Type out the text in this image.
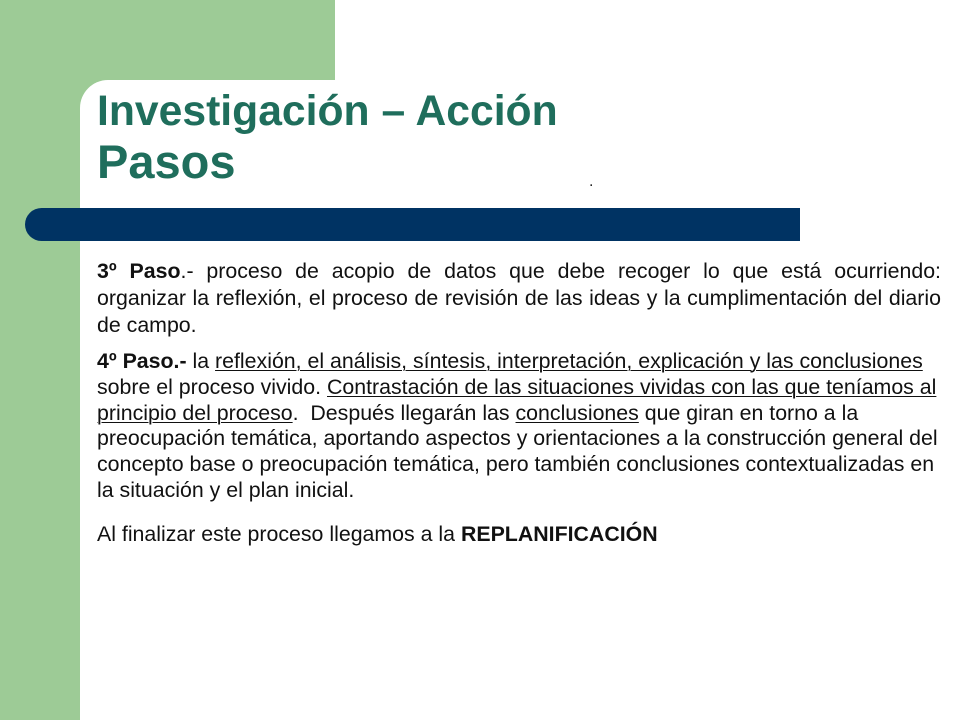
Investigación – Acción
Pasos	.

3º Paso.- proceso de acopio de datos que debe recoger lo que está ocurriendo: organizar la reflexión, el proceso de revisión de las ideas y la cumplimentación del diario de campo.

4º Paso.- la reflexión, el análisis, síntesis, interpretación, explicación y las conclusiones sobre el proceso vivido. Contrastación de las situaciones vividas con las que teníamos al principio del proceso.  Después llegarán las conclusiones que giran en torno a la preocupación temática, aportando aspectos y orientaciones a la construcción general del concepto base o preocupación temática, pero también conclusiones contextualizadas en la situación y el plan inicial.

Al finalizar este proceso llegamos a la REPLANIFICACIÓN
